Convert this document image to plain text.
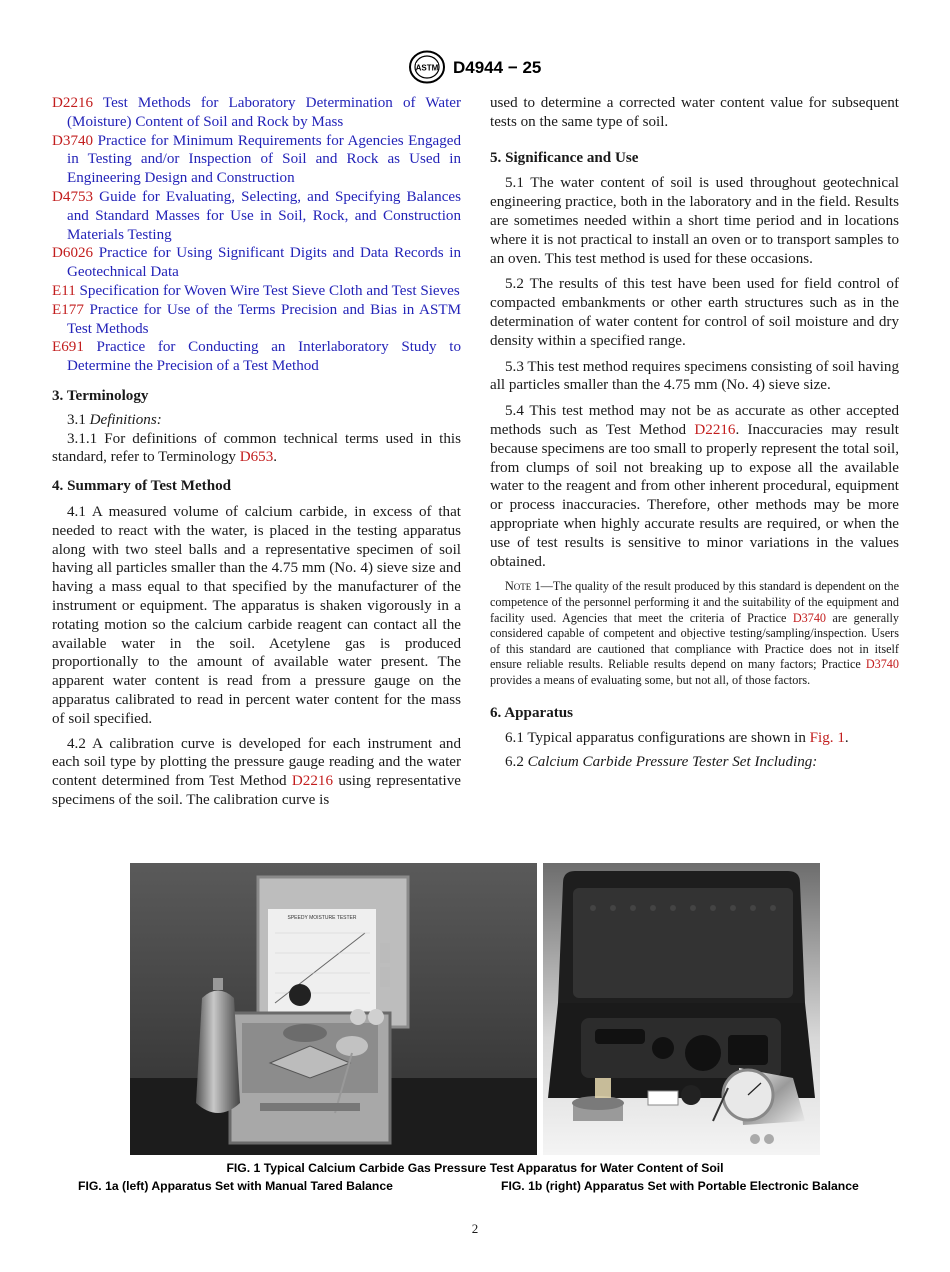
ASTM D4944 − 25

D2216 Test Methods for Laboratory Determination of Water (Moisture) Content of Soil and Rock by Mass

D3740 Practice for Minimum Requirements for Agencies Engaged in Testing and/or Inspection of Soil and Rock as Used in Engineering Design and Construction

D4753 Guide for Evaluating, Selecting, and Specifying Balances and Standard Masses for Use in Soil, Rock, and Construction Materials Testing

D6026 Practice for Using Significant Digits and Data Records in Geotechnical Data

E11 Specification for Woven Wire Test Sieve Cloth and Test Sieves

E177 Practice for Use of the Terms Precision and Bias in ASTM Test Methods

E691 Practice for Conducting an Interlaboratory Study to Determine the Precision of a Test Method

3. Terminology

3.1 Definitions:

3.1.1 For definitions of common technical terms used in this standard, refer to Terminology D653.

4. Summary of Test Method

4.1 A measured volume of calcium carbide, in excess of that needed to react with the water, is placed in the testing apparatus along with two steel balls and a representative specimen of soil having all particles smaller than the 4.75 mm (No. 4) sieve size and having a mass equal to that specified by the manufacturer of the instrument or equipment. The apparatus is shaken vigorously in a rotating motion so the calcium carbide reagent can contact all the available water in the soil. Acetylene gas is produced proportionally to the amount of available water present. The apparent water content is read from a pressure gauge on the apparatus calibrated to read in percent water content for the mass of soil specified.

4.2 A calibration curve is developed for each instrument and each soil type by plotting the pressure gauge reading and the water content determined from Test Method D2216 using representative specimens of the soil. The calibration curve is

used to determine a corrected water content value for subsequent tests on the same type of soil.

5. Significance and Use

5.1 The water content of soil is used throughout geotechnical engineering practice, both in the laboratory and in the field. Results are sometimes needed within a short time period and in locations where it is not practical to install an oven or to transport samples to an oven. This test method is used for these occasions.

5.2 The results of this test have been used for field control of compacted embankments or other earth structures such as in the determination of water content for control of soil moisture and dry density within a specified range.

5.3 This test method requires specimens consisting of soil having all particles smaller than the 4.75 mm (No. 4) sieve size.

5.4 This test method may not be as accurate as other accepted methods such as Test Method D2216. Inaccuracies may result because specimens are too small to properly represent the total soil, from clumps of soil not breaking up to expose all the available water to the reagent and from other inherent procedural, equipment or process inaccuracies. Therefore, other methods may be more appropriate when highly accurate results are required, or when the use of test results is sensitive to minor variations in the values obtained.

Note 1—The quality of the result produced by this standard is dependent on the competence of the personnel performing it and the suitability of the equipment and facility used. Agencies that meet the criteria of Practice D3740 are generally considered capable of competent and objective testing/sampling/inspection. Users of this standard are cautioned that compliance with Practice does not in itself ensure reliable results. Reliable results depend on many factors; Practice D3740 provides a means of evaluating some, but not all, of those factors.

6. Apparatus

6.1 Typical apparatus configurations are shown in Fig. 1.

6.2 Calcium Carbide Pressure Tester Set Including:

SPEEDY MOISTURE TESTER
FIG. 1 Typical Calcium Carbide Gas Pressure Test Apparatus for Water Content of Soil
FIG. 1a (left) Apparatus Set with Manual Tared Balance	FIG. 1b (right) Apparatus Set with Portable Electronic Balance
2
